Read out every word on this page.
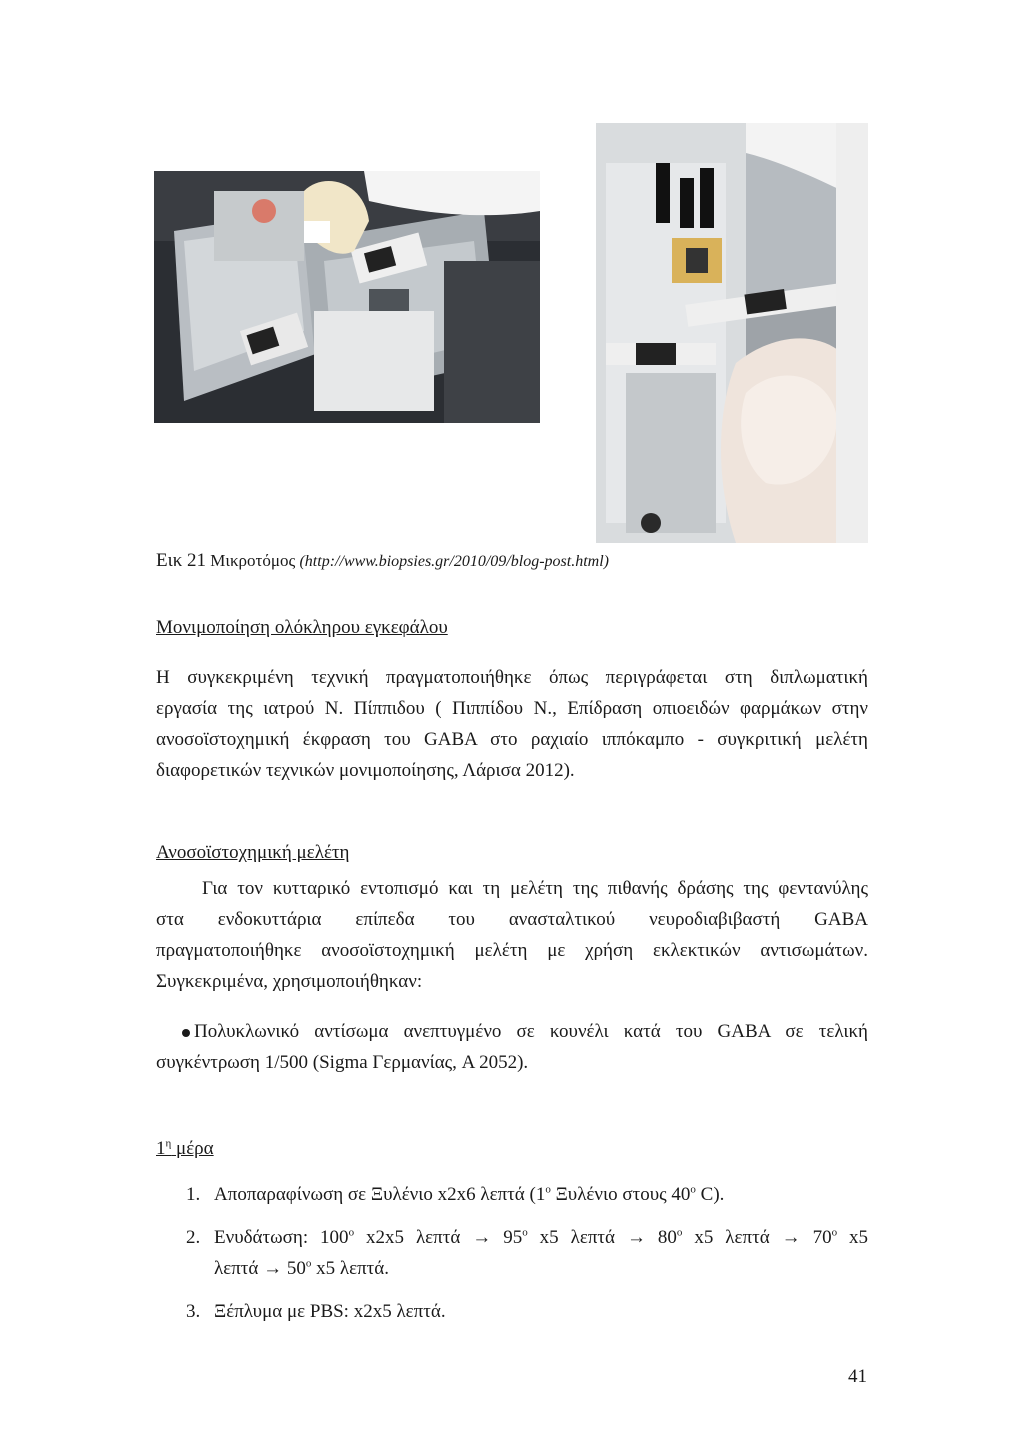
Εικ 21 Μικροτόμος (http://www.biopsies.gr/2010/09/blog-post.html)
Μονιμοποίηση ολόκληρου εγκεφάλου
Η συγκεκριμένη τεχνική πραγματοποιήθηκε όπως περιγράφεται στη διπλωματική
εργασία της ιατρού Ν. Πίππιδου ( Πιππίδου Ν., Επίδραση οπιοειδών φαρμάκων στην
ανοσοϊστοχημική έκφραση του GABA στο ραχιαίο ιππόκαμπο - συγκριτική μελέτη
διαφορετικών τεχνικών μονιμοποίησης, Λάρισα 2012).
Ανοσοϊστοχημική μελέτη
Για τον κυτταρικό εντοπισμό και τη μελέτη της πιθανής δράσης της φεντανύλης
στα ενδοκυττάρια επίπεδα του ανασταλτικού νευροδιαβιβαστή GABA
πραγματοποιήθηκε ανοσοϊστοχημική μελέτη με χρήση εκλεκτικών αντισωμάτων.
Συγκεκριμένα, χρησιμοποιήθηκαν:
Πολυκλωνικό αντίσωμα ανεπτυγμένο σε κουνέλι κατά του GABA σε τελική
συγκέντρωση 1/500 (Sigma Γερμανίας, A 2052).
$1^\eta$ μέρα
1. Αποπαραφίνωση σε Ξυλένιο x2x6 λεπτά ($1^o$ Ξυλένιο στους $40^o$ C).
2. Ενυδάτωση: $100^o$ x2x5 $\lambda\varepsilon\pi\tau ά \to 95^o$ x5 $\lambda\varepsilon\pi\tau ά \to 80^o$ x5 $\lambda\varepsilon\pi\tau ά \to 70^o$ x5
$\lambda\varepsilon\pi\tau ά \to 50^o$ x5 λεπτά.
3. Ξέπλυμα με PBS: x2x5 λεπτά.
41
